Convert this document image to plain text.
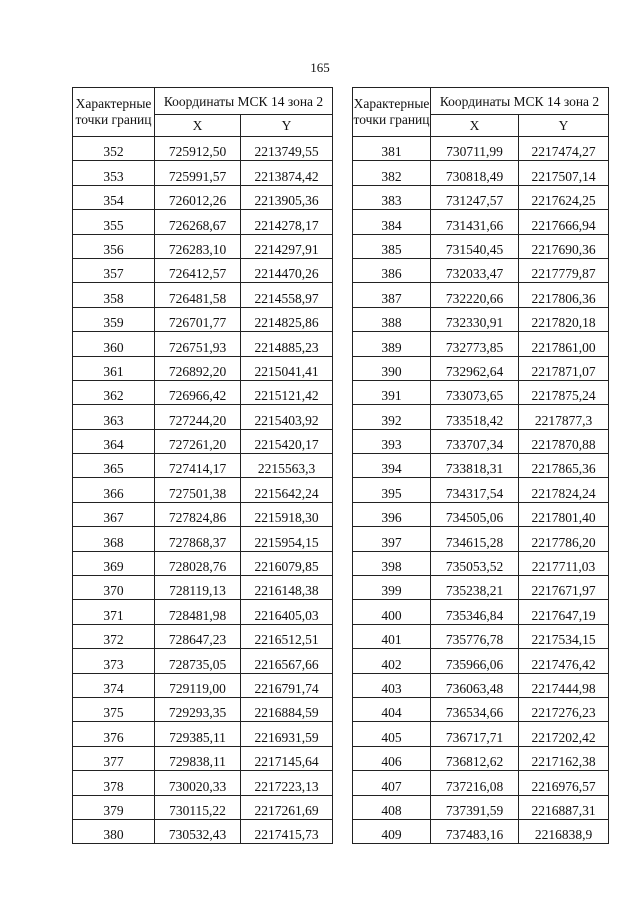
165
Характерные точки границ	Координаты МСК 14 зона 2	
	X	Y
352	725912,50	2213749,55
353	725991,57	2213874,42
354	726012,26	2213905,36
355	726268,67	2214278,17
356	726283,10	2214297,91
357	726412,57	2214470,26
358	726481,58	2214558,97
359	726701,77	2214825,86
360	726751,93	2214885,23
361	726892,20	2215041,41
362	726966,42	2215121,42
363	727244,20	2215403,92
364	727261,20	2215420,17
365	727414,17	2215563,3
366	727501,38	2215642,24
367	727824,86	2215918,30
368	727868,37	2215954,15
369	728028,76	2216079,85
370	728119,13	2216148,38
371	728481,98	2216405,03
372	728647,23	2216512,51
373	728735,05	2216567,66
374	729119,00	2216791,74
375	729293,35	2216884,59
376	729385,11	2216931,59
377	729838,11	2217145,64
378	730020,33	2217223,13
379	730115,22	2217261,69
380	730532,43	2217415,73
Характерные точки границ	Координаты МСК 14 зона 2	
	X	Y
381	730711,99	2217474,27
382	730818,49	2217507,14
383	731247,57	2217624,25
384	731431,66	2217666,94
385	731540,45	2217690,36
386	732033,47	2217779,87
387	732220,66	2217806,36
388	732330,91	2217820,18
389	732773,85	2217861,00
390	732962,64	2217871,07
391	733073,65	2217875,24
392	733518,42	2217877,3
393	733707,34	2217870,88
394	733818,31	2217865,36
395	734317,54	2217824,24
396	734505,06	2217801,40
397	734615,28	2217786,20
398	735053,52	2217711,03
399	735238,21	2217671,97
400	735346,84	2217647,19
401	735776,78	2217534,15
402	735966,06	2217476,42
403	736063,48	2217444,98
404	736534,66	2217276,23
405	736717,71	2217202,42
406	736812,62	2217162,38
407	737216,08	2216976,57
408	737391,59	2216887,31
409	737483,16	2216838,9
